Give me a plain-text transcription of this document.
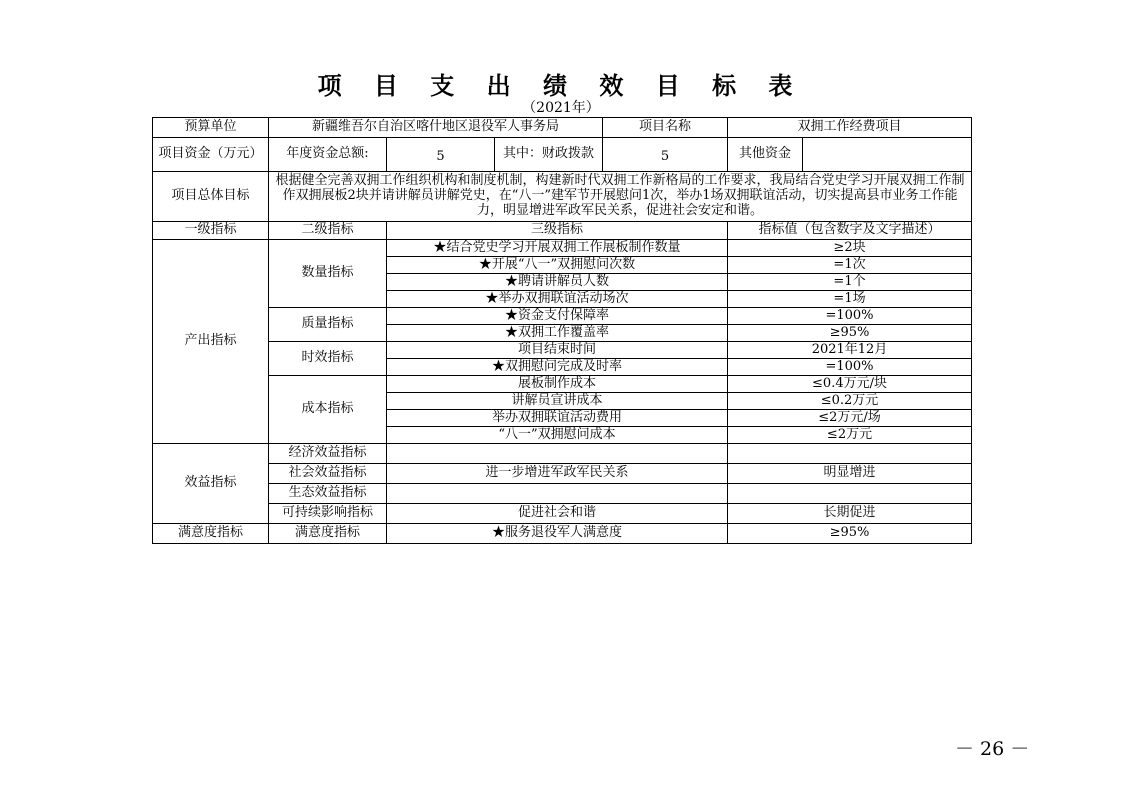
项 目 支 出 绩 效 目 标 表
（2021年）
预算单位	新疆维吾尔自治区喀什地区退役军人事务局			项目名称	双拥工作经费项目	
项目资金（万元）	年度资金总额:	5	其中：财政拨款	5	其他资金	
项目总体目标	根据健全完善双拥工作组织机构和制度机制，构建新时代双拥工作新格局的工作要求，我局结合党史学习开展双拥工作制作双拥展板2块并请讲解员讲解党史，在“八一”建军节开展慰问1次，举办1场双拥联谊活动，切实提高县市业务工作能力，明显增进军政军民关系，促进社会安定和谐。					
一级指标	二级指标	三级指标			指标值（包含数字及文字描述）	
产出指标	数量指标	★结合党史学习开展双拥工作展板制作数量			≥2块	
		★开展“八一”双拥慰问次数			=1次	
		★聘请讲解员人数			=1个	
		★举办双拥联谊活动场次			=1场	
	质量指标	★资金支付保障率			=100%	
		★双拥工作覆盖率			≥95%	
	时效指标	项目结束时间			2021年12月	
		★双拥慰问完成及时率			=100%	
	成本指标	展板制作成本			≤0.4万元/块	
		讲解员宣讲成本			≤0.2万元	
		举办双拥联谊活动费用			≤2万元/场	
		“八一”双拥慰问成本			≤2万元	
效益指标	经济效益指标					
	社会效益指标	进一步增进军政军民关系			明显增进	
	生态效益指标					
	可持续影响指标	促进社会和谐			长期促进	
满意度指标	满意度指标	★服务退役军人满意度			≥95%	
－ 26 －
